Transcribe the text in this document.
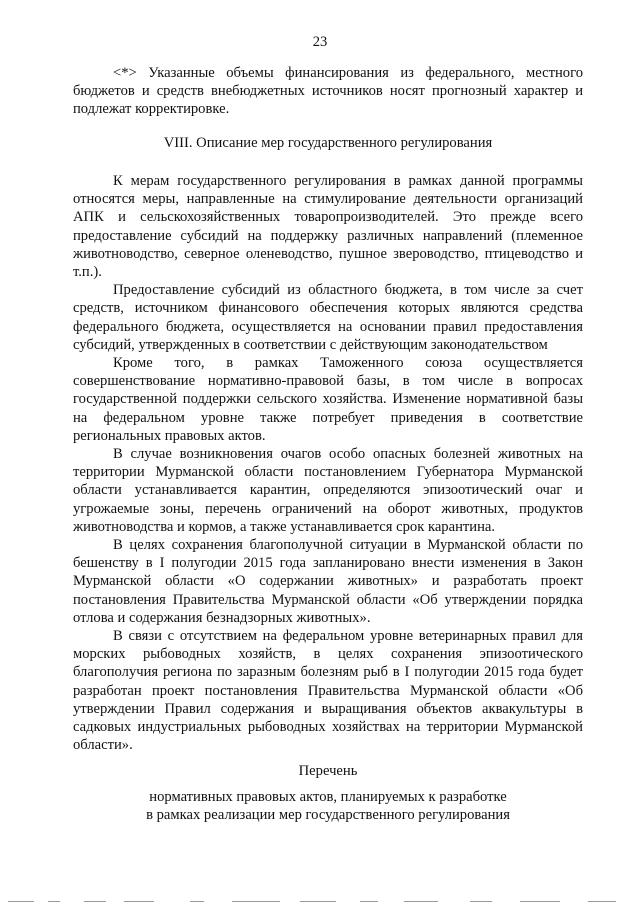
23

<*> Указанные объемы финансирования из федерального, местного бюджетов и средств внебюджетных источников носят прогнозный характер и подлежат корректировке.

VIII. Описание мер государственного регулирования

К мерам государственного регулирования в рамках данной программы относятся меры, направленные на стимулирование деятельности организаций АПК и сельскохозяйственных товаропроизводителей. Это прежде всего предоставление субсидий на поддержку различных направлений (племенное животноводство, северное оленеводство, пушное звероводство, птицеводство и т.п.).

Предоставление субсидий из областного бюджета, в том числе за счет средств, источником финансового обеспечения которых являются средства федерального бюджета, осуществляется на основании правил предоставления субсидий, утвержденных в соответствии с действующим законодательством

Кроме того, в рамках Таможенного союза осуществляется совершенствование нормативно-правовой базы, в том числе в вопросах государственной поддержки сельского хозяйства. Изменение нормативной базы на федеральном уровне также потребует приведения в соответствие региональных правовых актов.

В случае возникновения очагов особо опасных болезней животных на территории Мурманской области постановлением Губернатора Мурманской области устанавливается карантин, определяются эпизоотический очаг и угрожаемые зоны, перечень ограничений на оборот животных, продуктов животноводства и кормов, а также устанавливается срок карантина.

В целях сохранения благополучной ситуации в Мурманской области по бешенству в I полугодии 2015 года запланировано внести изменения в Закон Мурманской области «О содержании животных» и разработать проект постановления Правительства Мурманской области «Об утверждении порядка отлова и содержания безнадзорных животных».

В связи с отсутствием на федеральном уровне ветеринарных правил для морских рыбоводных хозяйств, в целях сохранения эпизоотического благополучия региона по заразным болезням рыб в I полугодии 2015 года будет разработан проект постановления Правительства Мурманской области «Об утверждении Правил содержания и выращивания объектов аквакультуры в садковых индустриальных рыбоводных хозяйствах на территории Мурманской области».

Перечень
нормативных правовых актов, планируемых к разработке
в рамках реализации мер государственного регулирования
